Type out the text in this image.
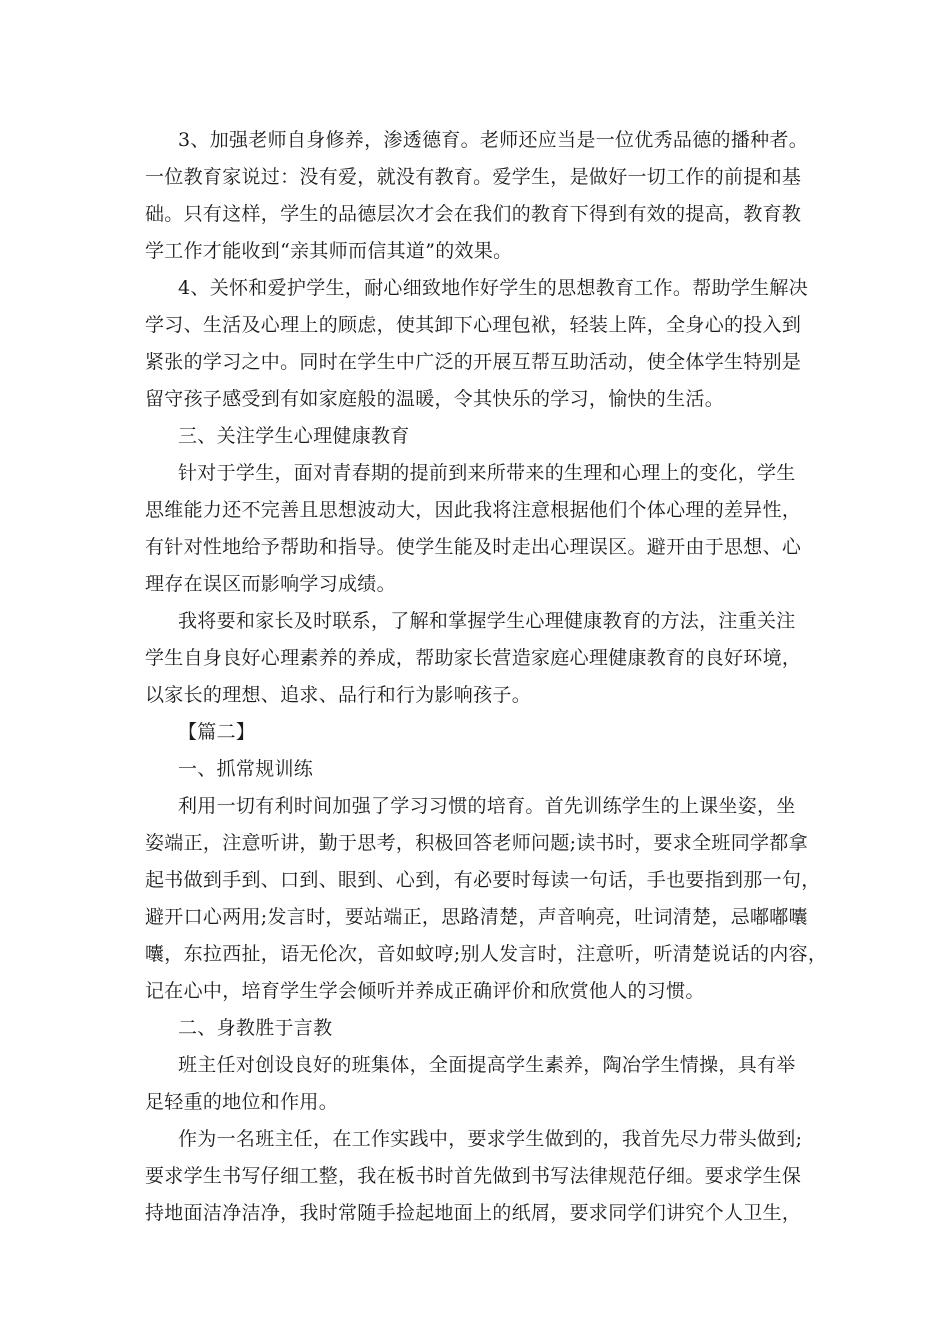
3、加强老师自身修养，渗透德育。老师还应当是一位优秀品德的播种者。
一位教育家说过：没有爱，就没有教育。爱学生，是做好一切工作的前提和基
础。只有这样，学生的品德层次才会在我们的教育下得到有效的提高，教育教
学工作才能收到“亲其师而信其道”的效果。
4、关怀和爱护学生，耐心细致地作好学生的思想教育工作。帮助学生解决
学习、生活及心理上的顾虑，使其卸下心理包袱，轻装上阵，全身心的投入到
紧张的学习之中。同时在学生中广泛的开展互帮互助活动，使全体学生特别是
留守孩子感受到有如家庭般的温暖，令其快乐的学习，愉快的生活。
三、关注学生心理健康教育
针对于学生，面对青春期的提前到来所带来的生理和心理上的变化，学生
思维能力还不完善且思想波动大，因此我将注意根据他们个体心理的差异性，
有针对性地给予帮助和指导。使学生能及时走出心理误区。避开由于思想、心
理存在误区而影响学习成绩。
我将要和家长及时联系，了解和掌握学生心理健康教育的方法，注重关注
学生自身良好心理素养的养成，帮助家长营造家庭心理健康教育的良好环境，
以家长的理想、追求、品行和行为影响孩子。
【篇二】
一、抓常规训练
利用一切有利时间加强了学习习惯的培育。首先训练学生的上课坐姿，坐
姿端正，注意听讲，勤于思考，积极回答老师问题;读书时，要求全班同学都拿
起书做到手到、口到、眼到、心到，有必要时每读一句话，手也要指到那一句，
避开口心两用;发言时，要站端正，思路清楚，声音响亮，吐词清楚，忌嘟嘟囔
囔，东拉西扯，语无伦次，音如蚊哼;别人发言时，注意听，听清楚说话的内容，
记在心中，培育学生学会倾听并养成正确评价和欣赏他人的习惯。
二、身教胜于言教
班主任对创设良好的班集体，全面提高学生素养，陶冶学生情操，具有举
足轻重的地位和作用。
作为一名班主任，在工作实践中，要求学生做到的，我首先尽力带头做到;
要求学生书写仔细工整，我在板书时首先做到书写法律规范仔细。要求学生保
持地面洁净洁净，我时常随手捡起地面上的纸屑，要求同学们讲究个人卫生，
